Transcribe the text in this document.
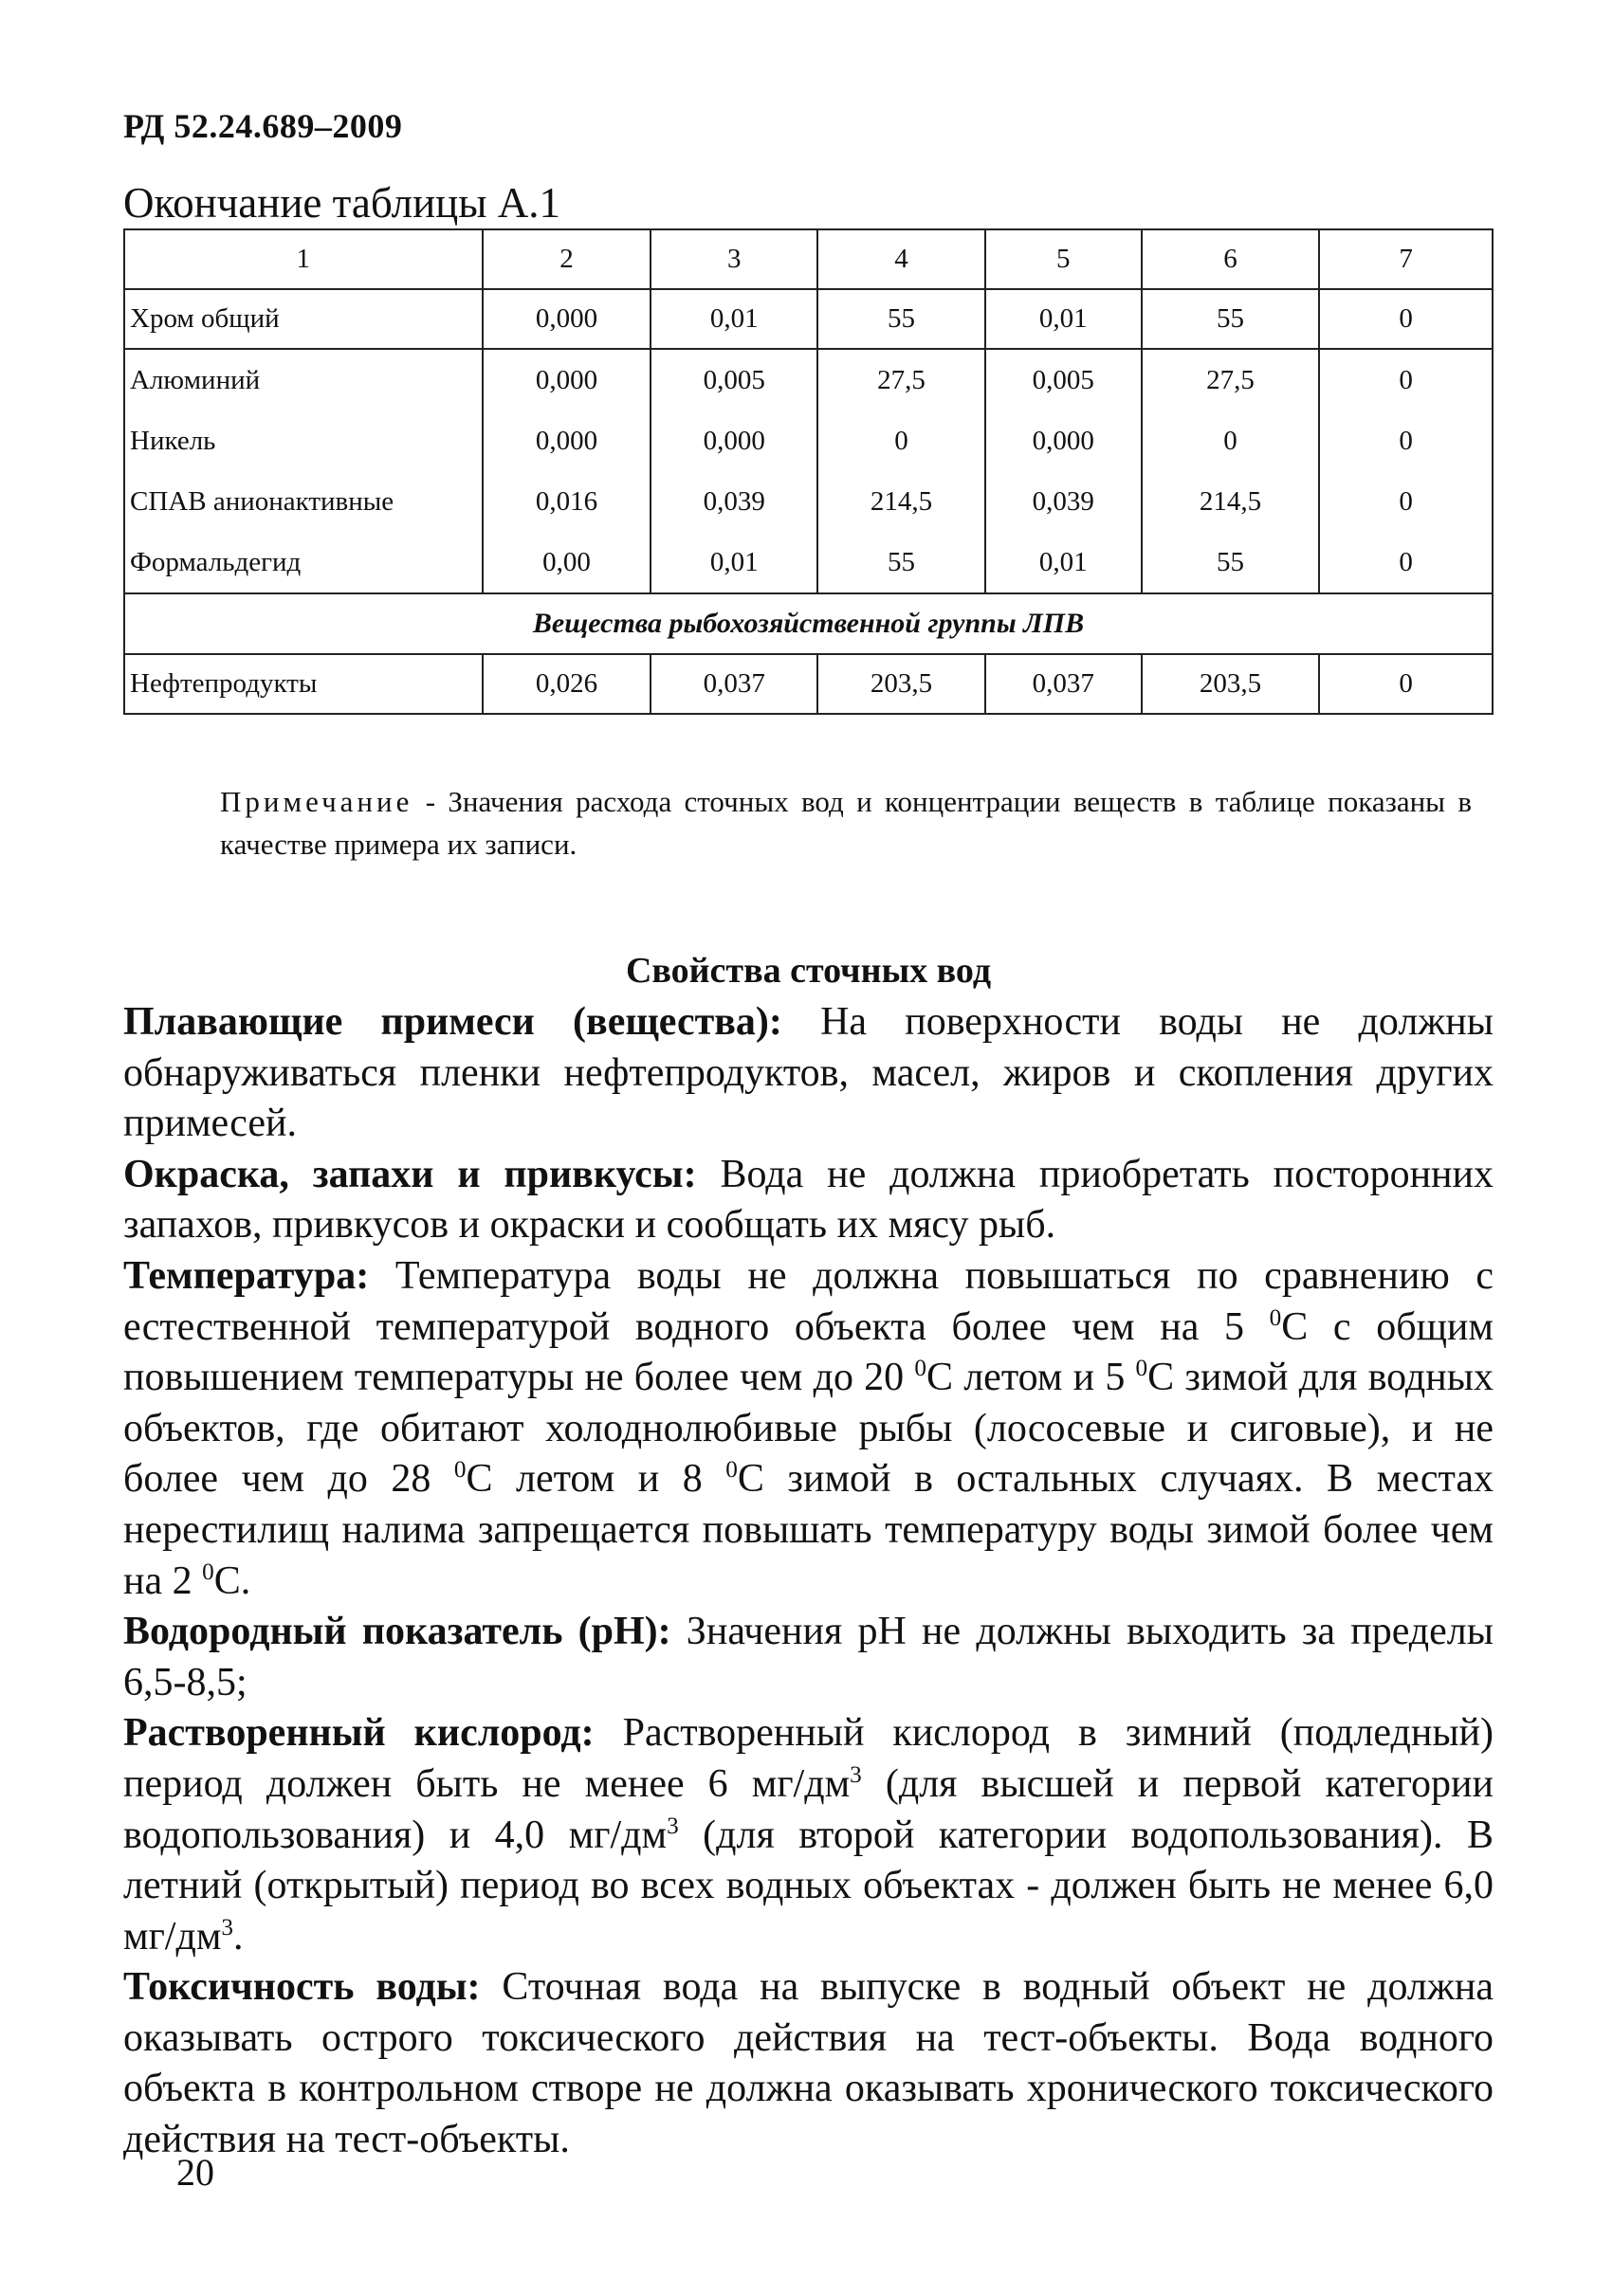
РД 52.24.689–2009
Окончание таблицы А.1
1	2	3	4	5	6	7
Хром общий	0,000	0,01	55	0,01	55	0
Алюминий	0,000	0,005	27,5	0,005	27,5	0
Никель	0,000	0,000	0	0,000	0	0
СПАВ анионактивные	0,016	0,039	214,5	0,039	214,5	0
Формальдегид	0,00	0,01	55	0,01	55	0
Вещества рыбохозяйственной группы ЛПВ						
Нефтепродукты	0,026	0,037	203,5	0,037	203,5	0
Примечание - Значения расхода сточных вод и концентрации веществ в таблице показаны в качестве примера их записи.
Свойства сточных вод

Плавающие примеси (вещества): На поверхности воды не должны обнаруживаться пленки нефтепродуктов, масел, жиров и скопления других примесей.

Окраска, запахи и привкусы: Вода не должна приобретать посторонних запахов, привкусов и окраски и сообщать их мясу рыб.

Температура: Температура воды не должна повышаться по сравнению с естественной температурой водного объекта более чем на 5 $^0$С с общим повышением температуры не более чем до 20 $^0$С летом и 5 $^0$С зимой для водных объектов, где обитают холоднолюбивые рыбы (лососевые и сиговые), и не более чем до 28 $^0$С летом и 8 $^0$С зимой в остальных случаях. В местах нерестилищ налима запрещается повышать температуру воды зимой более чем на 2 $^0$С.

Водородный показатель (рН): Значения рН не должны выходить за пределы 6,5-8,5;

Растворенный кислород: Растворенный кислород в зимний (подледный) период должен быть не менее 6 $мг/дм^3$ (для высшей и первой категории водопользования) и 4,0 $мг/дм^3$ (для второй категории водопользования). В летний (открытый) период во всех водных объектах - должен быть не менее 6,0 $мг/дм^3$.

Токсичность воды: Сточная вода на выпуске в водный объект не должна оказывать острого токсического действия на тест-объекты. Вода водного объекта в контрольном створе не должна оказывать хронического токсического действия на тест-объекты.

20
